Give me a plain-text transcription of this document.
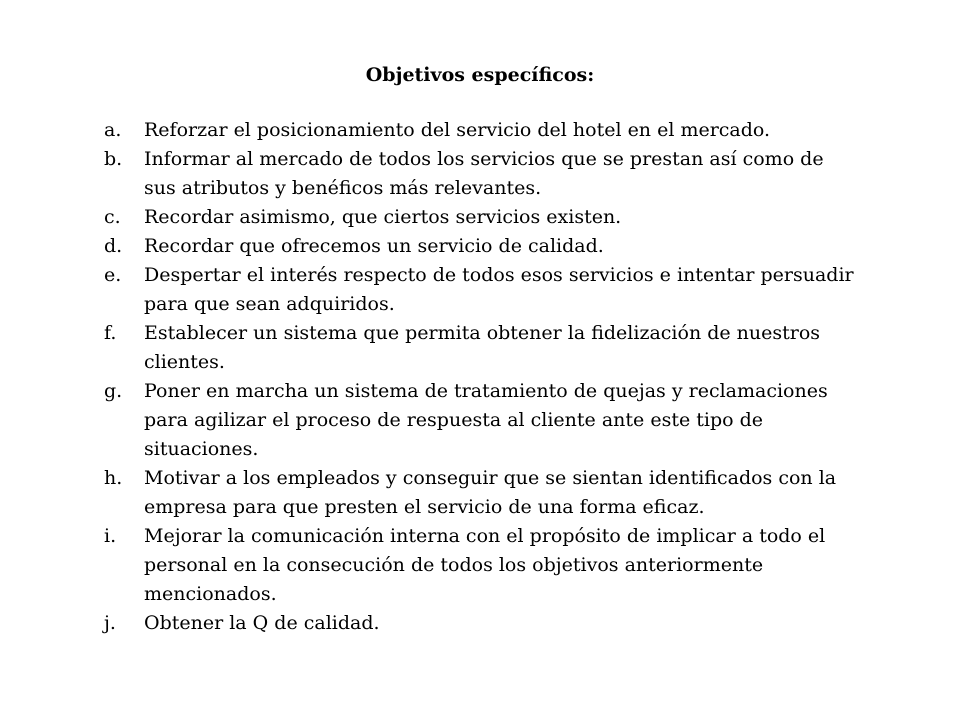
Objetivos específicos:
a.	Reforzar el posicionamiento del servicio del hotel en el mercado.
b.	Informar al mercado de todos los servicios que se prestan así como de
sus atributos y benéficos más relevantes.
c.	Recordar asimismo, que ciertos servicios existen.
d.	Recordar que ofrecemos un servicio de calidad.
e.	Despertar el interés respecto de todos esos servicios e intentar persuadir
para que sean adquiridos.
f.	Establecer un sistema que permita obtener la fidelización de nuestros
clientes.
g.	Poner en marcha un sistema de tratamiento de quejas y reclamaciones
para agilizar el proceso de respuesta al cliente ante este tipo de
situaciones.
h.	Motivar a los empleados y conseguir que se sientan identificados con la
empresa para que presten el servicio de una forma eficaz.
i.	Mejorar la comunicación interna con el propósito de implicar a todo el
personal en la consecución de todos los objetivos anteriormente
mencionados.
j.	Obtener la Q de calidad.
